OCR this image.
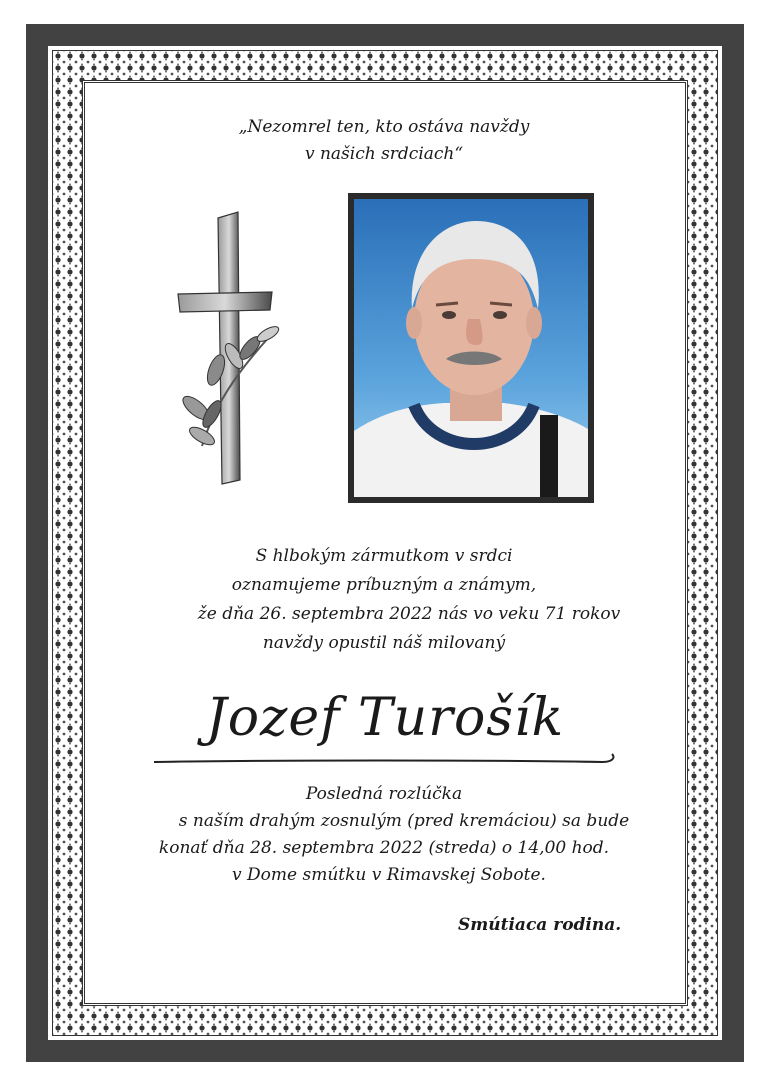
„Nezomrel ten, kto ostáva navždy
v našich srdciach“
S hlbokým zármutkom v srdci
oznamujeme príbuzným a známym,
že dňa 26. septembra 2022 nás vo veku 71 rokov
navždy opustil náš milovaný
Jozef Turošík
Posledná rozlúčka
s naším drahým zosnulým (pred kremáciou) sa bude
konať dňa 28. septembra 2022 (streda) o 14,00 hod.
v Dome smútku v Rimavskej Sobote.
Smútiaca rodina.
